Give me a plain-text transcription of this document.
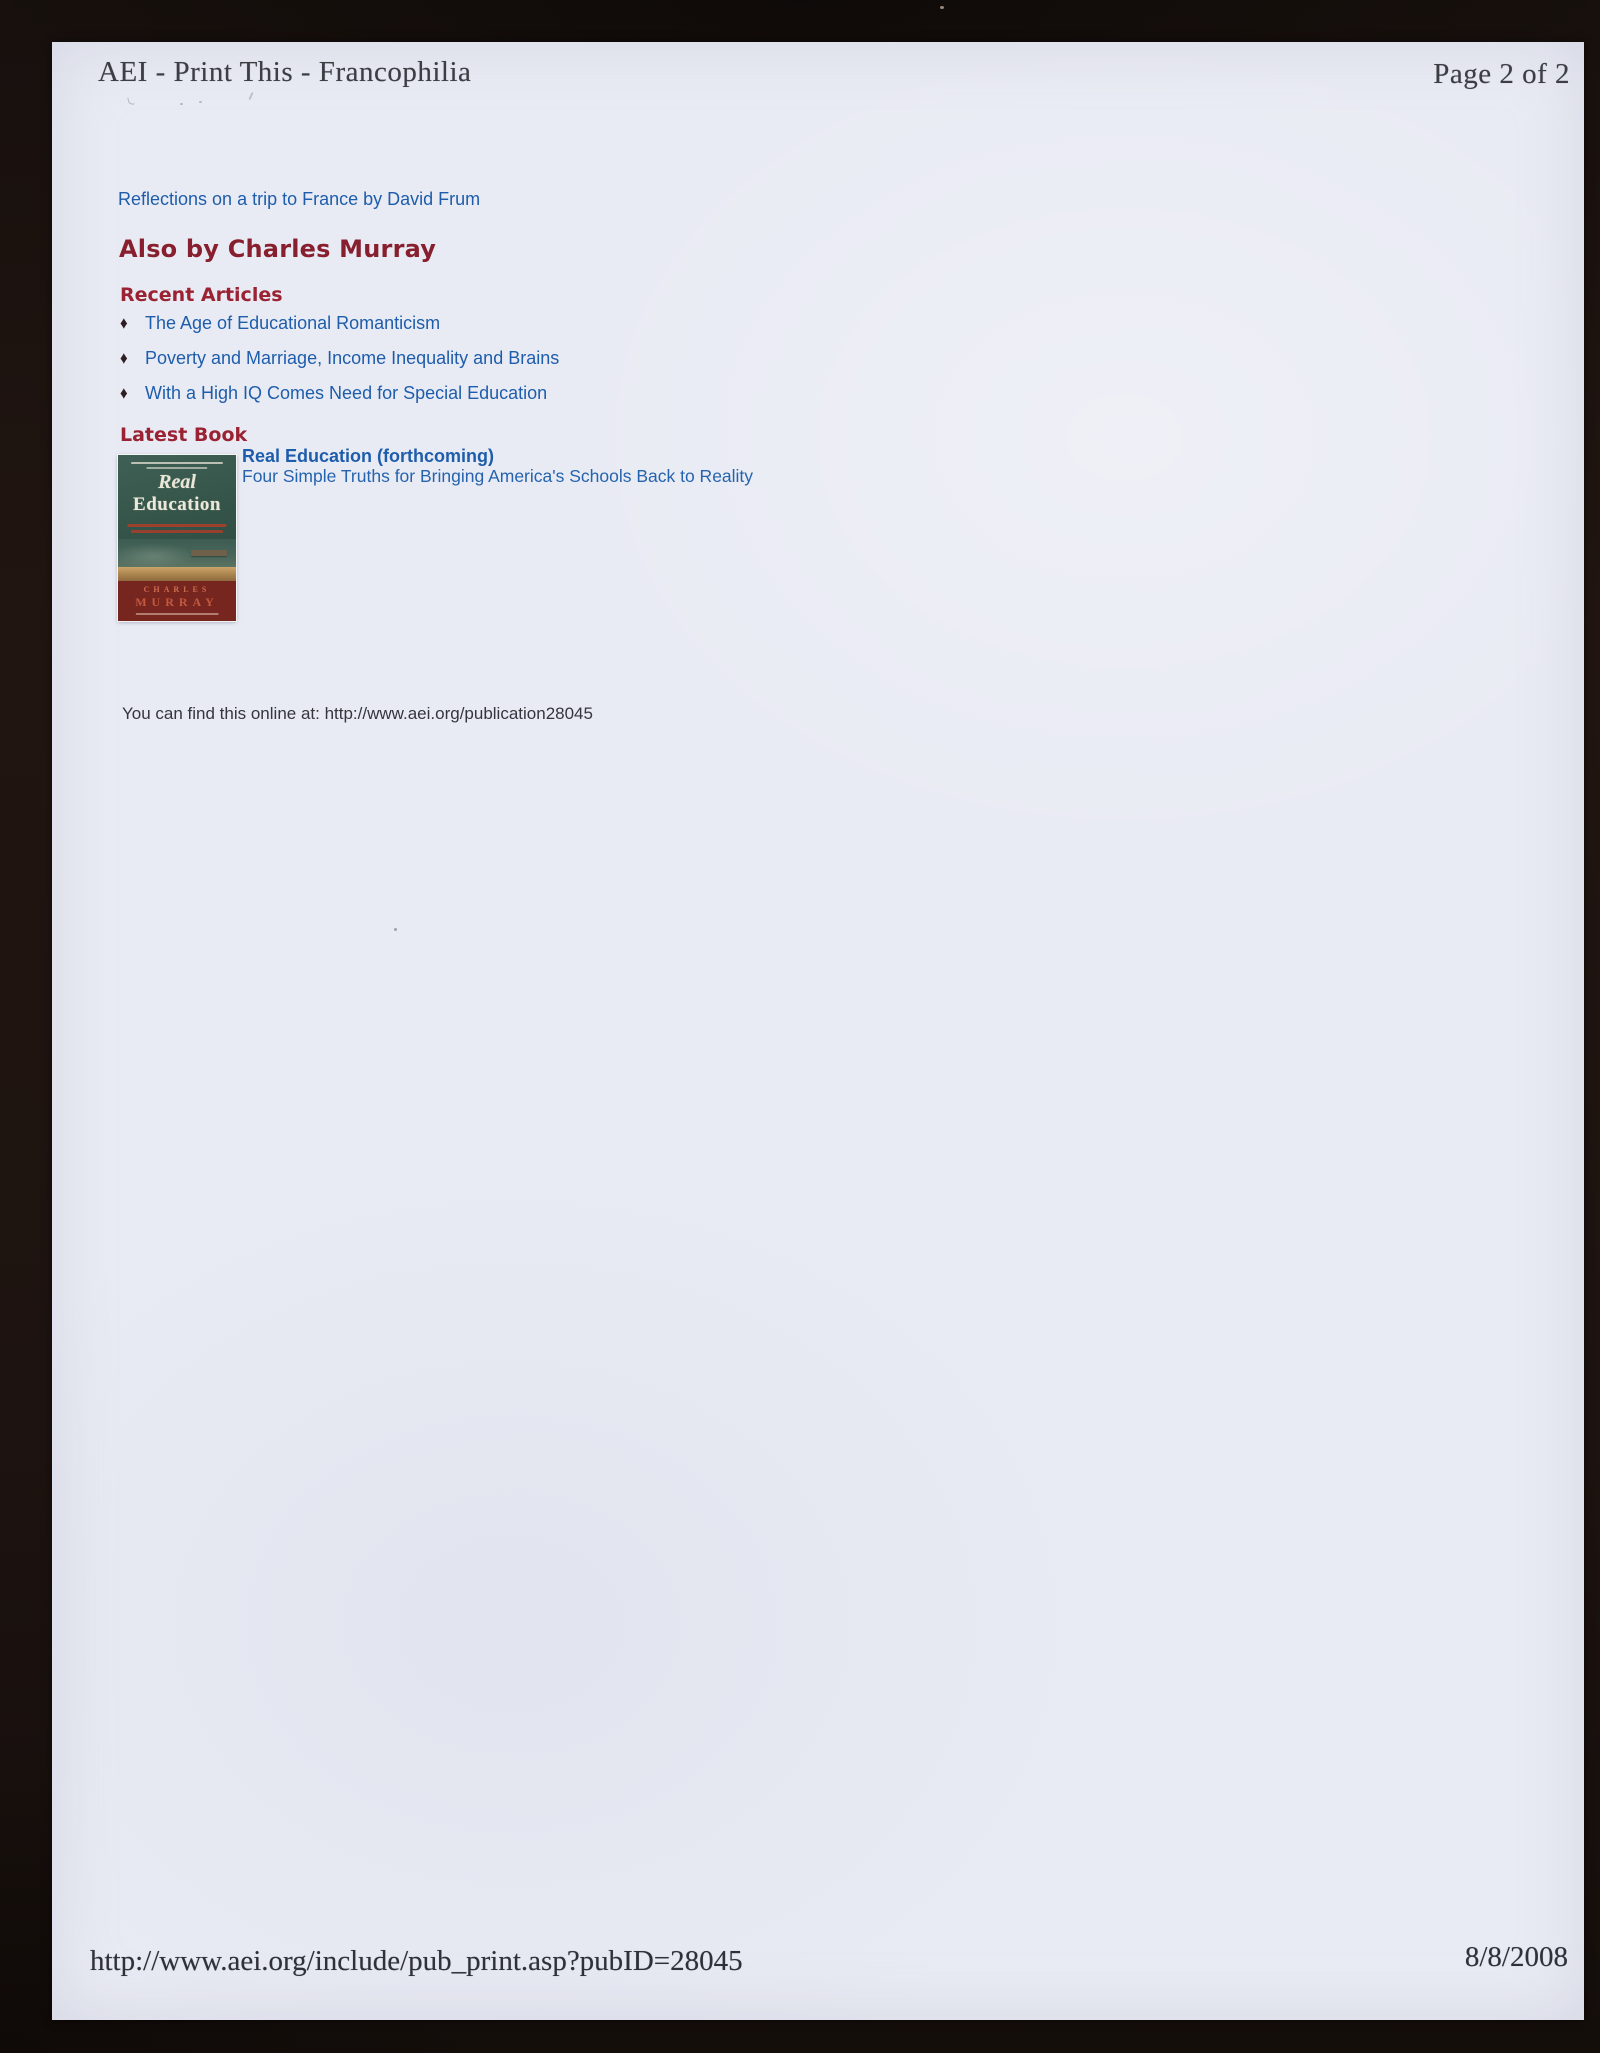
AEI - Print This - Francophilia	Page 2 of 2
Reflections on a trip to France by David Frum
Also by Charles Murray
Recent Articles
♦ The Age of Educational Romanticism
♦ Poverty and Marriage, Income Inequality and Brains
♦ With a High IQ Comes Need for Special Education
Latest Book
Real
Education
CHARLES
MURRAY
Real Education (forthcoming)
Four Simple Truths for Bringing America's Schools Back to Reality
You can find this online at: http://www.aei.org/publication28045
http://www.aei.org/include/pub_print.asp?pubID=28045	8/8/2008
